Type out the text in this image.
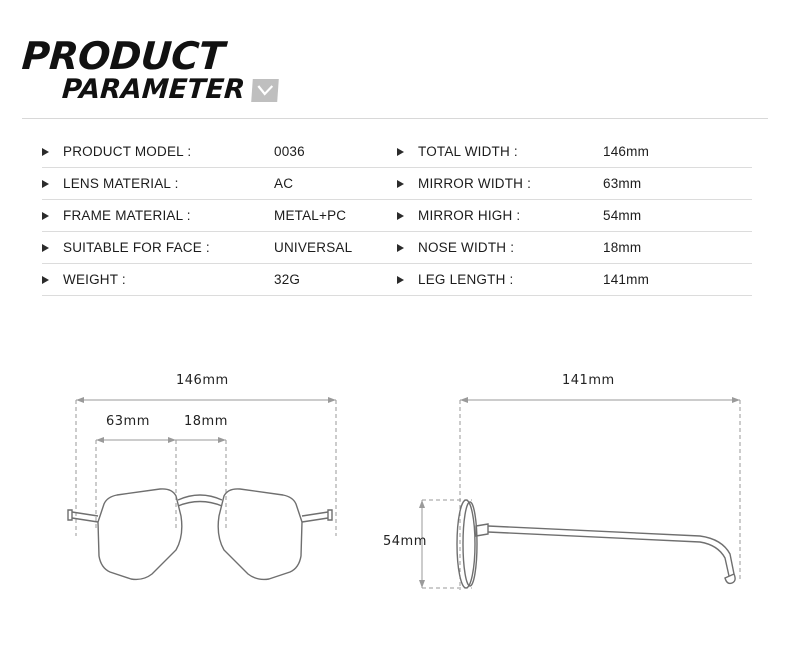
PRODUCT
PARAMETER
PRODUCT MODEL :	0036
LENS MATERIAL :	AC
FRAME MATERIAL :	METAL+PC
SUITABLE FOR FACE :	UNIVERSAL
WEIGHT :	32G
TOTAL WIDTH :	146mm
MIRROR WIDTH :	63mm
MIRROR HIGH :	54mm
NOSE WIDTH :	18mm
LEG LENGTH :	141mm
146mm
63mm	18mm
141mm
54mm
